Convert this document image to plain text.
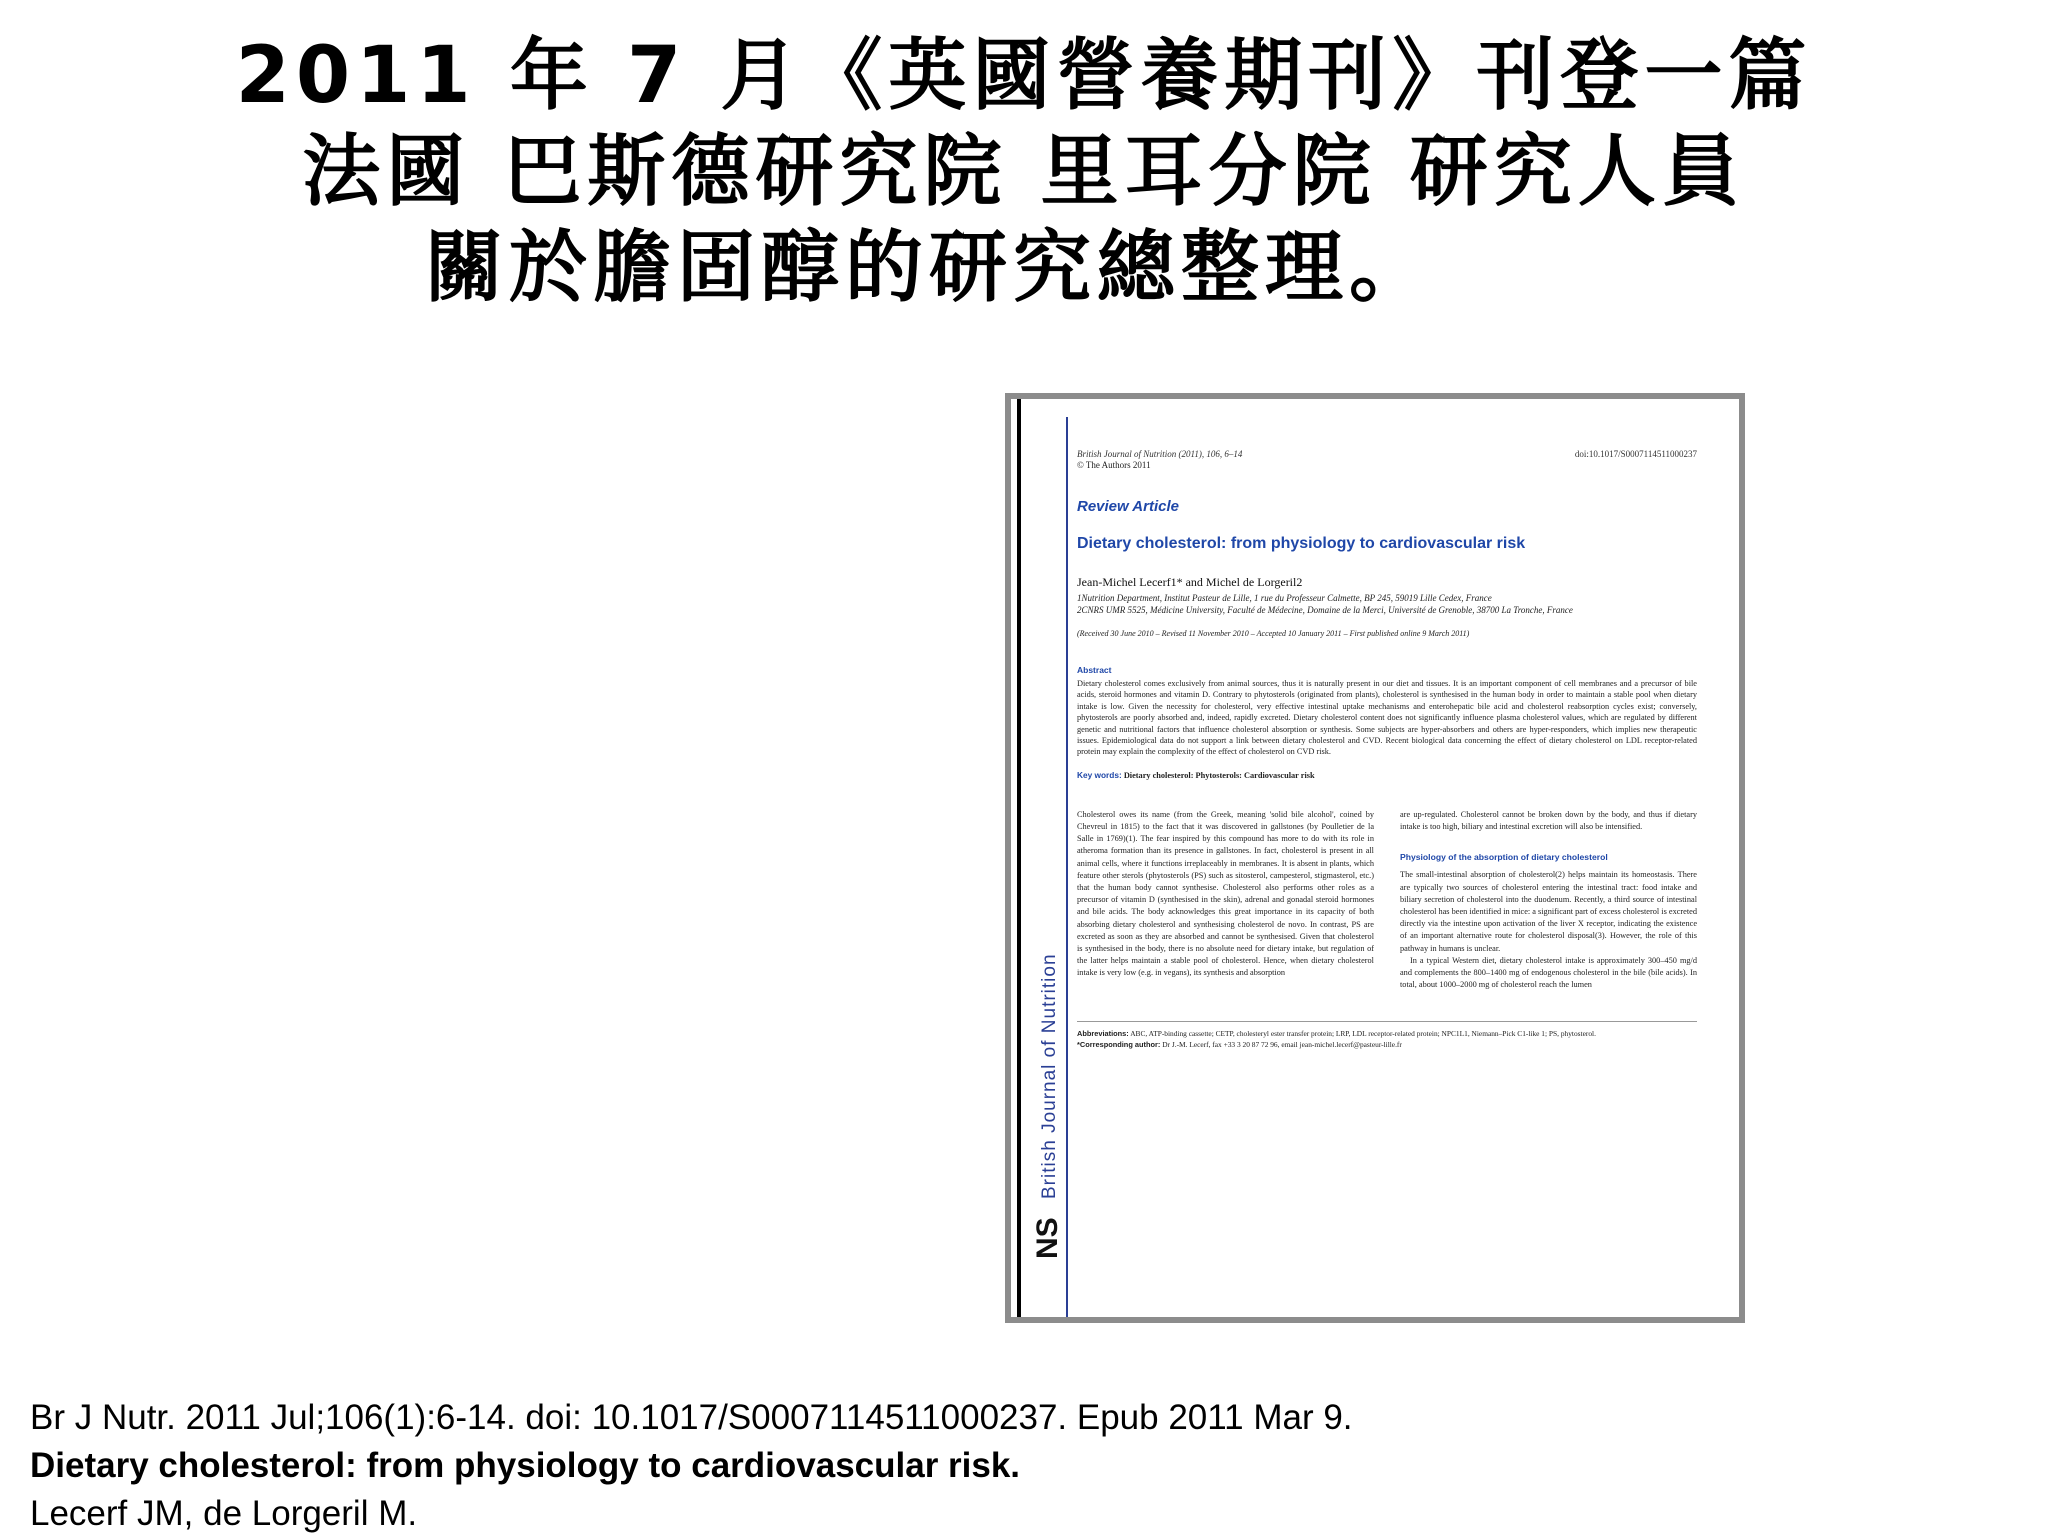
2011 年 7 月《英國營養期刊》刊登一篇
法國 巴斯德研究院 里耳分院 研究人員
關於膽固醇的研究總整理。
British Journal of Nutrition
NS
British Journal of Nutrition (2011), 106, 6–14	doi:10.1017/S0007114511000237
© The Authors 2011
Review Article
Dietary cholesterol: from physiology to cardiovascular risk
Jean-Michel Lecerf1* and Michel de Lorgeril2
1Nutrition Department, Institut Pasteur de Lille, 1 rue du Professeur Calmette, BP 245, 59019 Lille Cedex, France
2CNRS UMR 5525, Médicine University, Faculté de Médecine, Domaine de la Merci, Université de Grenoble, 38700 La Tronche, France
(Received 30 June 2010 – Revised 11 November 2010 – Accepted 10 January 2011 – First published online 9 March 2011)
Abstract
Dietary cholesterol comes exclusively from animal sources, thus it is naturally present in our diet and tissues. It is an important component of cell membranes and a precursor of bile acids, steroid hormones and vitamin D. Contrary to phytosterols (originated from plants), cholesterol is synthesised in the human body in order to maintain a stable pool when dietary intake is low. Given the necessity for cholesterol, very effective intestinal uptake mechanisms and enterohepatic bile acid and cholesterol reabsorption cycles exist; conversely, phytosterols are poorly absorbed and, indeed, rapidly excreted. Dietary cholesterol content does not significantly influence plasma cholesterol values, which are regulated by different genetic and nutritional factors that influence cholesterol absorption or synthesis. Some subjects are hyper-absorbers and others are hyper-responders, which implies new therapeutic issues. Epidemiological data do not support a link between dietary cholesterol and CVD. Recent biological data concerning the effect of dietary cholesterol on LDL receptor-related protein may explain the complexity of the effect of cholesterol on CVD risk.
Key words: Dietary cholesterol: Phytosterols: Cardiovascular risk

Cholesterol owes its name (from the Greek, meaning 'solid bile alcohol', coined by Chevreul in 1815) to the fact that it was discovered in gallstones (by Poulletier de la Salle in 1769)(1). The fear inspired by this compound has more to do with its role in atheroma formation than its presence in gallstones. In fact, cholesterol is present in all animal cells, where it functions irreplaceably in membranes. It is absent in plants, which feature other sterols (phytosterols (PS) such as sitosterol, campesterol, stigmasterol, etc.) that the human body cannot synthesise. Cholesterol also performs other roles as a precursor of vitamin D (synthesised in the skin), adrenal and gonadal steroid hormones and bile acids. The body acknowledges this great importance in its capacity of both absorbing dietary cholesterol and synthesising cholesterol de novo. In contrast, PS are excreted as soon as they are absorbed and cannot be synthesised. Given that cholesterol is synthesised in the body, there is no absolute need for dietary intake, but regulation of the latter helps maintain a stable pool of cholesterol. Hence, when dietary cholesterol intake is very low (e.g. in vegans), its synthesis and absorption

are up-regulated. Cholesterol cannot be broken down by the body, and thus if dietary intake is too high, biliary and intestinal excretion will also be intensified.

Physiology of the absorption of dietary cholesterol

The small-intestinal absorption of cholesterol(2) helps maintain its homeostasis. There are typically two sources of cholesterol entering the intestinal tract: food intake and biliary secretion of cholesterol into the duodenum. Recently, a third source of intestinal cholesterol has been identified in mice: a significant part of excess cholesterol is excreted directly via the intestine upon activation of the liver X receptor, indicating the existence of an important alternative route for cholesterol disposal(3). However, the role of this pathway in humans is unclear.

In a typical Western diet, dietary cholesterol intake is approximately 300–450 mg/d and complements the 800–1400 mg of endogenous cholesterol in the bile (bile acids). In total, about 1000–2000 mg of cholesterol reach the lumen

Abbreviations: ABC, ATP-binding cassette; CETP, cholesteryl ester transfer protein; LRP, LDL receptor-related protein; NPC1L1, Niemann–Pick C1-like 1; PS, phytosterol.
*Corresponding author: Dr J.-M. Lecerf, fax +33 3 20 87 72 96, email jean-michel.lecerf@pasteur-lille.fr
Br J Nutr. 2011 Jul;106(1):6-14. doi: 10.1017/S0007114511000237. Epub 2011 Mar 9.
Dietary cholesterol: from physiology to cardiovascular risk.
Lecerf JM, de Lorgeril M.
